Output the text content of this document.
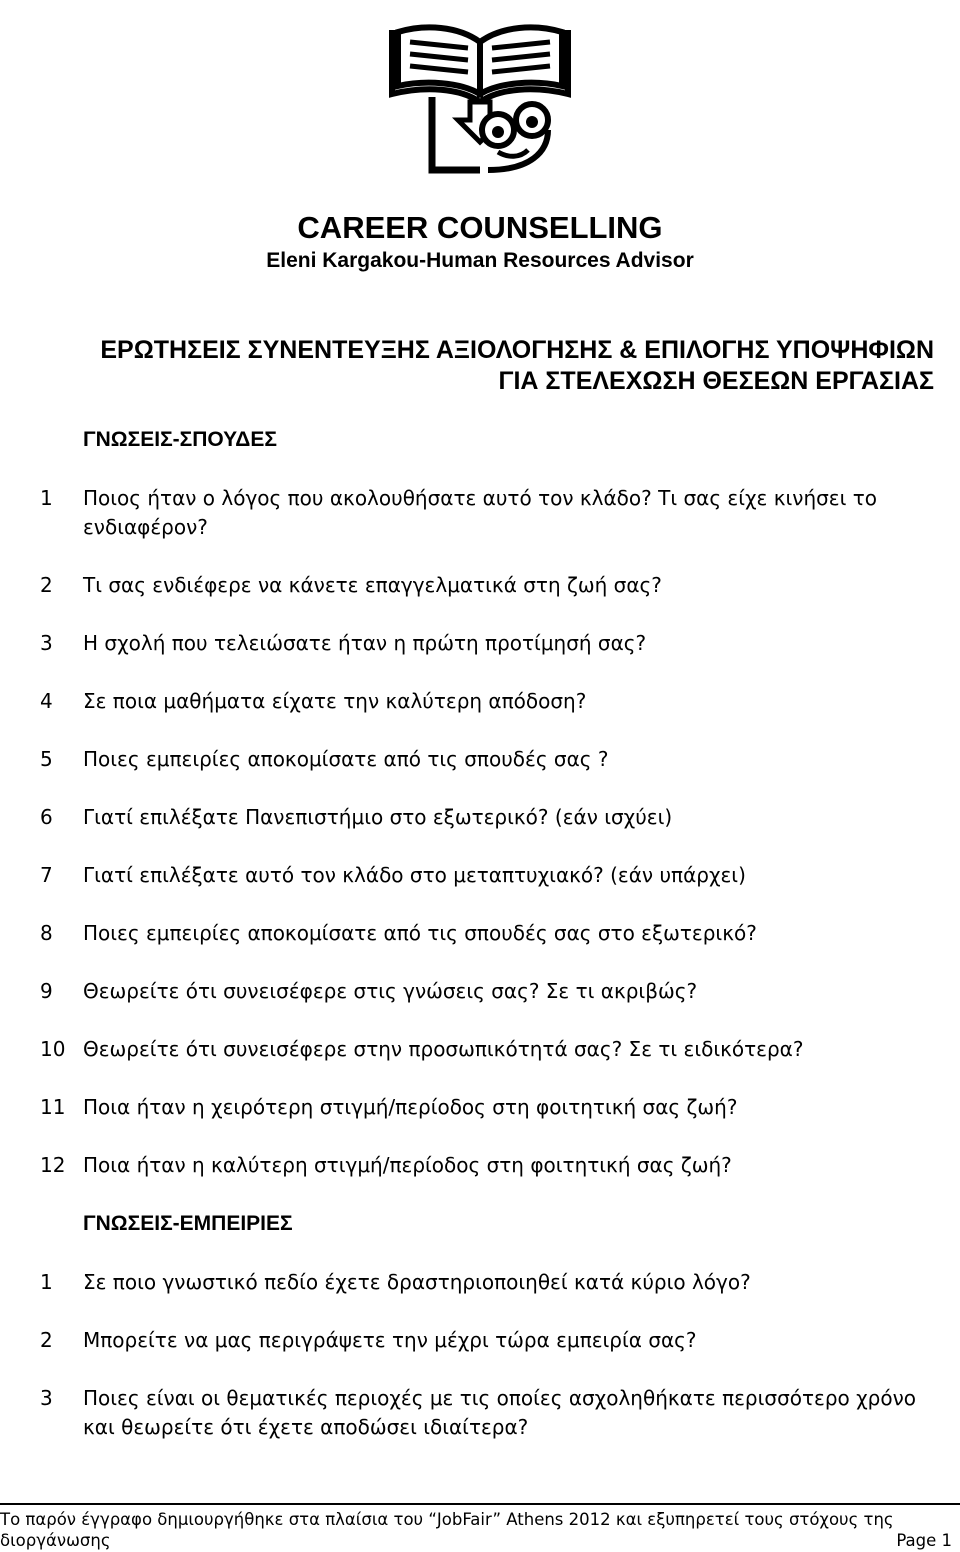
CAREER COUNSELLING
Eleni Kargakou-Human Resources Advisor
ΕΡΩΤΗΣΕΙΣ ΣΥΝΕΝΤΕΥΞΗΣ ΑΞΙΟΛΟΓΗΣΗΣ & ΕΠΙΛΟΓΗΣ ΥΠΟΨΗΦΙΩΝ
ΓΙΑ ΣΤΕΛΕΧΩΣΗ ΘΕΣΕΩΝ ΕΡΓΑΣΙΑΣ
ΓΝΩΣΕΙΣ-ΣΠΟΥΔΕΣ
1 Ποιος ήταν ο λόγος που ακολουθήσατε αυτό τον κλάδο? Τι σας είχε κινήσει το
ενδιαφέρον?
2 Τι σας ενδιέφερε να κάνετε επαγγελματικά στη ζωή σας?
3 Η σχολή που τελειώσατε ήταν η πρώτη προτίμησή σας?
4 Σε ποια μαθήματα είχατε την καλύτερη απόδοση?
5 Ποιες εμπειρίες αποκομίσατε από τις σπουδές σας ?
6 Γιατί επιλέξατε Πανεπιστήμιο στο εξωτερικό? (εάν ισχύει)
7 Γιατί επιλέξατε αυτό τον κλάδο στο μεταπτυχιακό? (εάν υπάρχει)
8 Ποιες εμπειρίες αποκομίσατε από τις σπουδές σας στο εξωτερικό?
9 Θεωρείτε ότι συνεισέφερε στις γνώσεις σας? Σε τι ακριβώς?
10 Θεωρείτε ότι συνεισέφερε στην προσωπικότητά σας? Σε τι ειδικότερα?
11 Ποια ήταν η χειρότερη στιγμή/περίοδος στη φοιτητική σας ζωή?
12 Ποια ήταν η καλύτερη στιγμή/περίοδος στη φοιτητική σας ζωή?
ΓΝΩΣΕΙΣ-ΕΜΠΕΙΡΙΕΣ
1 Σε ποιο γνωστικό πεδίο έχετε δραστηριοποιηθεί κατά κύριο λόγο?
2 Μπορείτε να μας περιγράψετε την μέχρι τώρα εμπειρία σας?
3 Ποιες είναι οι θεματικές περιοχές με τις οποίες ασχοληθήκατε περισσότερο χρόνο
και θεωρείτε ότι έχετε αποδώσει ιδιαίτερα?
Το παρόν έγγραφο δημιουργήθηκε στα πλαίσια του “JobFair” Athens 2012 και εξυπηρετεί τους στόχους της
διοργάνωσης	Page 1
